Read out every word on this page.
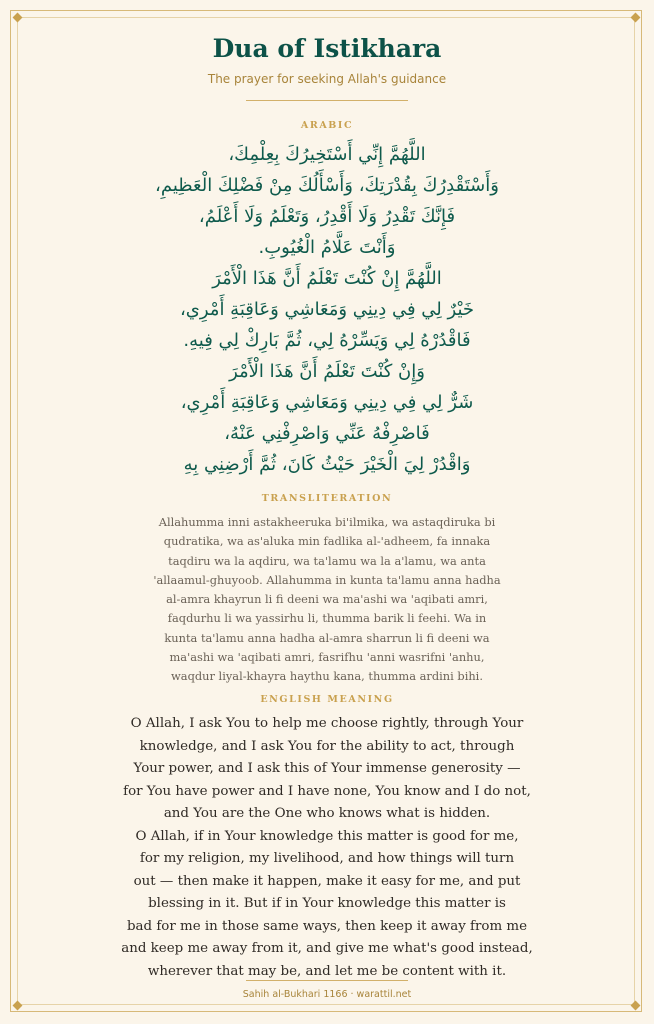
Dua of Istikhara
The prayer for seeking Allah's guidance
ARABIC
اللَّهُمَّ إِنِّي أَسْتَخِيرُكَ بِعِلْمِكَ،
وَأَسْتَقْدِرُكَ بِقُدْرَتِكَ، وَأَسْأَلُكَ مِنْ فَضْلِكَ الْعَظِيمِ،
فَإِنَّكَ تَقْدِرُ وَلَا أَقْدِرُ، وَتَعْلَمُ وَلَا أَعْلَمُ،
وَأَنْتَ عَلَّامُ الْغُيُوبِ.
اللَّهُمَّ إِنْ كُنْتَ تَعْلَمُ أَنَّ هَذَا الْأَمْرَ
خَيْرٌ لِي فِي دِينِي وَمَعَاشِي وَعَاقِبَةِ أَمْرِي،
فَاقْدُرْهُ لِي وَيَسِّرْهُ لِي، ثُمَّ بَارِكْ لِي فِيهِ.
وَإِنْ كُنْتَ تَعْلَمُ أَنَّ هَذَا الْأَمْرَ
شَرٌّ لِي فِي دِينِي وَمَعَاشِي وَعَاقِبَةِ أَمْرِي،
فَاصْرِفْهُ عَنِّي وَاصْرِفْنِي عَنْهُ،
وَاقْدُرْ لِيَ الْخَيْرَ حَيْثُ كَانَ، ثُمَّ أَرْضِنِي بِهِ
TRANSLITERATION
Allahumma inni astakheeruka bi'ilmika, wa astaqdiruka bi
qudratika, wa as'aluka min fadlika al-'adheem, fa innaka
taqdiru wa la aqdiru, wa ta'lamu wa la a'lamu, wa anta
'allaamul-ghuyoob. Allahumma in kunta ta'lamu anna hadha
al-amra khayrun li fi deeni wa ma'ashi wa 'aqibati amri,
faqdurhu li wa yassirhu li, thumma barik li feehi. Wa in
kunta ta'lamu anna hadha al-amra sharrun li fi deeni wa
ma'ashi wa 'aqibati amri, fasrifhu 'anni wasrifni 'anhu,
waqdur liyal-khayra haythu kana, thumma ardini bihi.
ENGLISH MEANING
O Allah, I ask You to help me choose rightly, through Your
knowledge, and I ask You for the ability to act, through
Your power, and I ask this of Your immense generosity —
for You have power and I have none, You know and I do not,
and You are the One who knows what is hidden.
O Allah, if in Your knowledge this matter is good for me,
for my religion, my livelihood, and how things will turn
out — then make it happen, make it easy for me, and put
blessing in it. But if in Your knowledge this matter is
bad for me in those same ways, then keep it away from me
and keep me away from it, and give me what's good instead,
wherever that may be, and let me be content with it.
Sahih al-Bukhari 1166 · warattil.net
